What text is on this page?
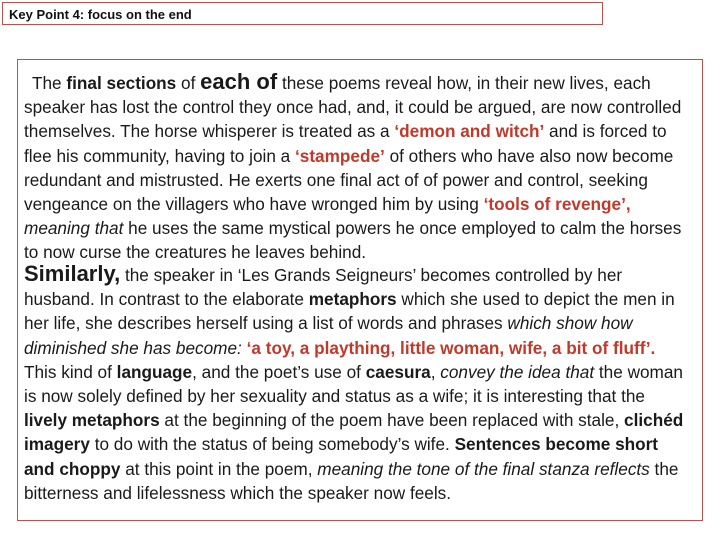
Key Point 4: focus on the end
The final sections of each of these poems reveal how, in their new lives, each speaker has lost the control they once had, and, it could be argued, are now controlled themselves. The horse whisperer is treated as a ‘demon and witch’ and is forced to flee his community, having to join a ‘stampede’ of others who have also now become redundant and mistrusted. He exerts one final act of of power and control, seeking vengeance on the villagers who have wronged him by using ‘tools of revenge’, meaning that he uses the same mystical powers he once employed to calm the horses to now curse the creatures he leaves behind.
Similarly, the speaker in ‘Les Grands Seigneurs’ becomes controlled by her husband. In contrast to the elaborate metaphors which she used to depict the men in her life, she describes herself using a list of words and phrases which show how diminished she has become: ‘a toy, a plaything, little woman, wife, a bit of fluff’. This kind of language, and the poet’s use of caesura, convey the idea that the woman is now solely defined by her sexuality and status as a wife; it is interesting that the lively metaphors at the beginning of the poem have been replaced with stale, clichéd imagery to do with the status of being somebody’s wife. Sentences become short and choppy at this point in the poem, meaning the tone of the final stanza reflects the bitterness and lifelessness which the speaker now feels.
